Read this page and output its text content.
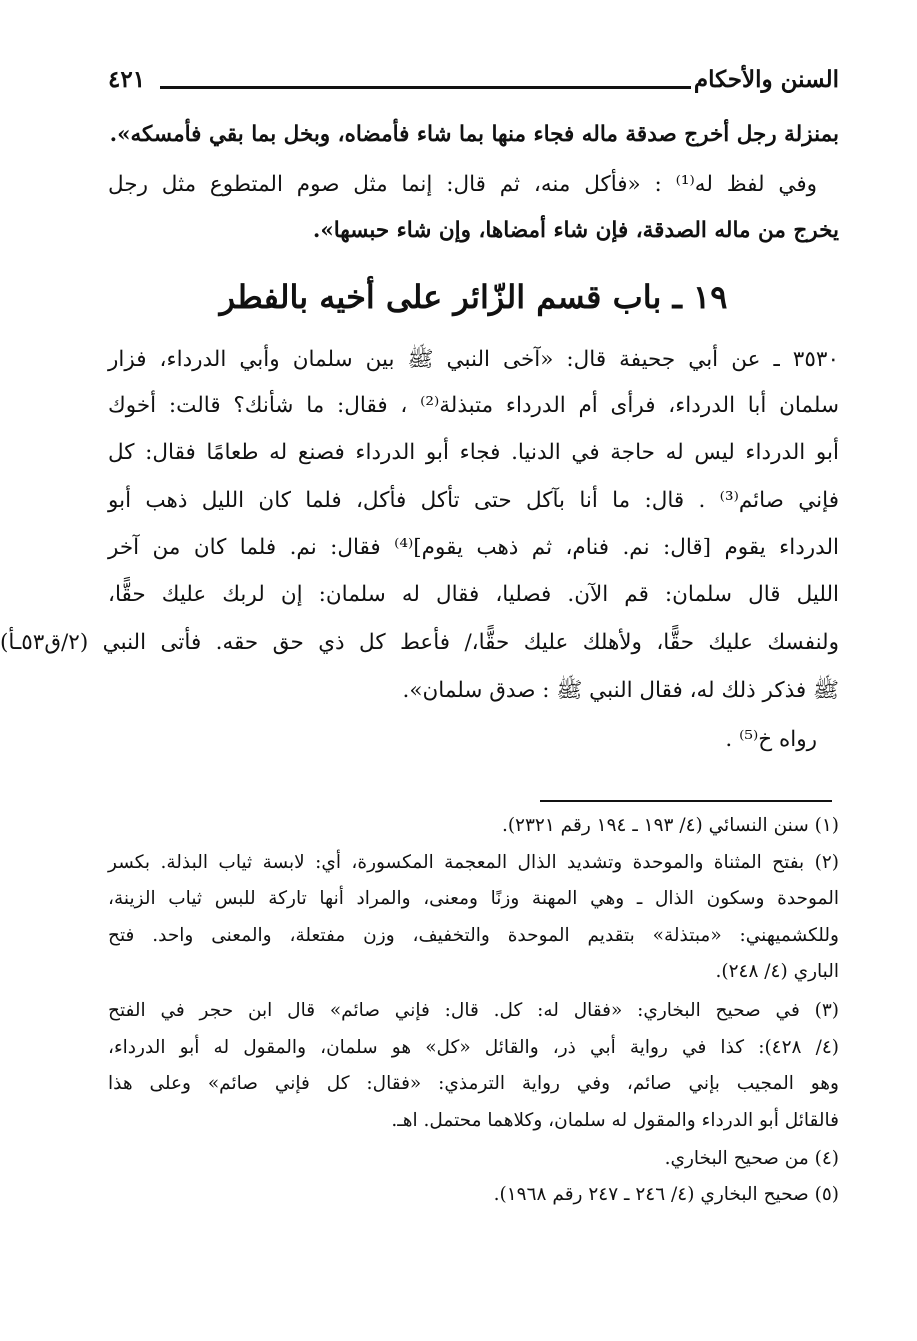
السنن والأحكام
٤٢١
بمنزلة رجل أخرج صدقة ماله فجاء منها بما شاء فأمضاه، وبخل بما بقي فأمسكه».
وفي لفظ له⁽¹⁾ : «فأكل منه، ثم قال: إنما مثل صوم المتطوع مثل رجل
يخرج من ماله الصدقة، فإن شاء أمضاها، وإن شاء حبسها».
١٩ ـ باب قسم الزّائر على أخيه بالفطر
٣٥٣٠ ـ عن أبي جحيفة قال: «آخى النبي ﷺ بين سلمان وأبي الدرداء، فزار
سلمان أبا الدرداء، فرأى أم الدرداء متبذلة⁽²⁾ ، فقال: ما شأنك؟ قالت: أخوك
أبو الدرداء ليس له حاجة في الدنيا. فجاء أبو الدرداء فصنع له طعامًا فقال: كل
فإني صائم⁽³⁾ . قال: ما أنا بآكل حتى تأكل فأكل، فلما كان الليل ذهب أبو
الدرداء يقوم [قال: نم. فنام، ثم ذهب يقوم]⁽⁴⁾ فقال: نم. فلما كان من آخر
الليل قال سلمان: قم الآن. فصليا، فقال له سلمان: إن لربك عليك حقًّا،
ولنفسك عليك حقًّا، ولأهلك عليك حقًّا،/ فأعط كل ذي حق حقه. فأتى النبي (٢/ق٥٣ـأ)
ﷺ فذكر ذلك له، فقال النبي ﷺ : صدق سلمان».
رواه خ⁽⁵⁾ .
(١) سنن النسائي (٤/ ١٩٣ ـ ١٩٤ رقم ٢٣٢١).
(٢) بفتح المثناة والموحدة وتشديد الذال المعجمة المكسورة، أي: لابسة ثياب البذلة. بكسر
الموحدة وسكون الذال ـ وهي المهنة وزنًا ومعنى، والمراد أنها تاركة للبس ثياب الزينة،
وللكشميهني: «مبتذلة» بتقديم الموحدة والتخفيف، وزن مفتعلة، والمعنى واحد. فتح
الباري (٤/ ٢٤٨).
(٣) في صحيح البخاري: «فقال له: كل. قال: فإني صائم» قال ابن حجر في الفتح
(٤/ ٤٢٨): كذا في رواية أبي ذر، والقائل «كل» هو سلمان، والمقول له أبو الدرداء،
وهو المجيب بإني صائم، وفي رواية الترمذي: «فقال: كل فإني صائم» وعلى هذا
فالقائل أبو الدرداء والمقول له سلمان، وكلاهما محتمل. اهـ.
(٤) من صحيح البخاري.
(٥) صحيح البخاري (٤/ ٢٤٦ ـ ٢٤٧ رقم ١٩٦٨).
